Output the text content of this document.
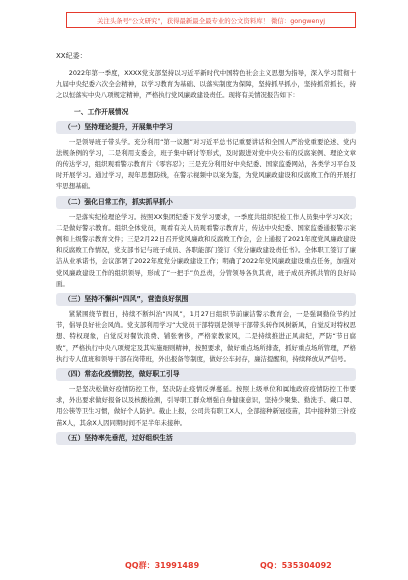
关注头条号"公文研究"，获得最新最全最专业的公文资料库！ 微信：gongwenyj
XX纪委：

2022年第一季度，XXXX党支部坚持以习近平新时代中国特色社会主义思想为指导，深入学习贯彻十九届中央纪委六次全会精神，以学习教育为基础、以落实制度为保障，坚持抓早抓小，坚持抓常抓长，持之以恒落实中央八项规定精神，严格执行党风廉政建设责任。现将有关情况报告如下：

一、工作开展情况
（一）坚持理论提升，开展集中学习

一是领导班子带头学。充分利用“第一议题”对习近平总书记重要讲话和全国人严治党重要论述、党内法规条例的学习，二是利用支委会，班子集中研讨等形式，及时跟进对党中央公布的反腐案例、理论文章的传达学习，组织观看警示教育片《零容忍》；三是充分利用好中央纪委、国家监委网站，各类学习平台及时开展学习。通过学习，现年思想防线，在警示视频中以案为鉴，为党风廉政建设和反腐败工作的开展打牢思想基础。

（二）强化日常工作，抓实抓早抓小

一是落实纪检理论学习。按照XX集团纪委下发学习要求，一季度共组织纪检工作人员集中学习X次；二是做好警示教育。组织全体党员，观看有关人员观看警示教育片，传达中央纪委、国家监委通报警示案例和上级警示教育文件；三是2月22日召开党风廉政和反腐败工作会，会上通报了2021年度党风廉政建设和反腐败工作情况，党支部书记与班子成员、各职能部门签订《党分廉政建设责任书》。全体职工签订了廉洁从业承诺书，会议部署了2022年度党分廉政建设工作；明确了2022年党风廉政建设重点任务，加强对党风廉政建设工作的组织领导，形成了“一把手”负总责，分管领导各负其责，班子成员齐抓共管的良好局面。

（三）坚持不懈纠“四风”，营造良好氛围

紧紧围绕节假日，持续不断纠治“四风”，1月27日组织节前廉洁警示教育会，一是强调勤俭节约过节，倡导良好社会风尚。党支部利用学习“大党员干部特别是领导干部带头转作风树新风，自觉反对特权思想、特权现象，自觉反对餐饮浪费、铺张奢侈，严格家教家风，二是持续推进正风肃纪，严防“节日腐败”，严格执行中央八项规定及其实施细则精神，按照要求，做好重点场所排查，抓好重点场所管理，严格执行专人值班和领导干部在岗带班，外出报备等制度，做好公车封存，廉洁提醒和，持续释放从严信号。

（四）常态化疫情防控，做好职工引导

一是坚决松做好疫情防控工作，坚决防止疫情反弹蔓延。按照上级单位和属地政府疫情防控工作要求，外出要求做好报备以及核酸检测，引导职工群众增强自身健康意识，坚持少聚集、勤洗手、戴口罩、用公筷等卫生习惯，做好个人防护。截止上报，公司共有职工X人，全部接种新冠疫苗，其中接种第三针疫苗X人，其余X人因同期时间不足半年未接种。

（五）坚持率先垂范，过好组织生活
QQ群：31991489	QQ：535304092
